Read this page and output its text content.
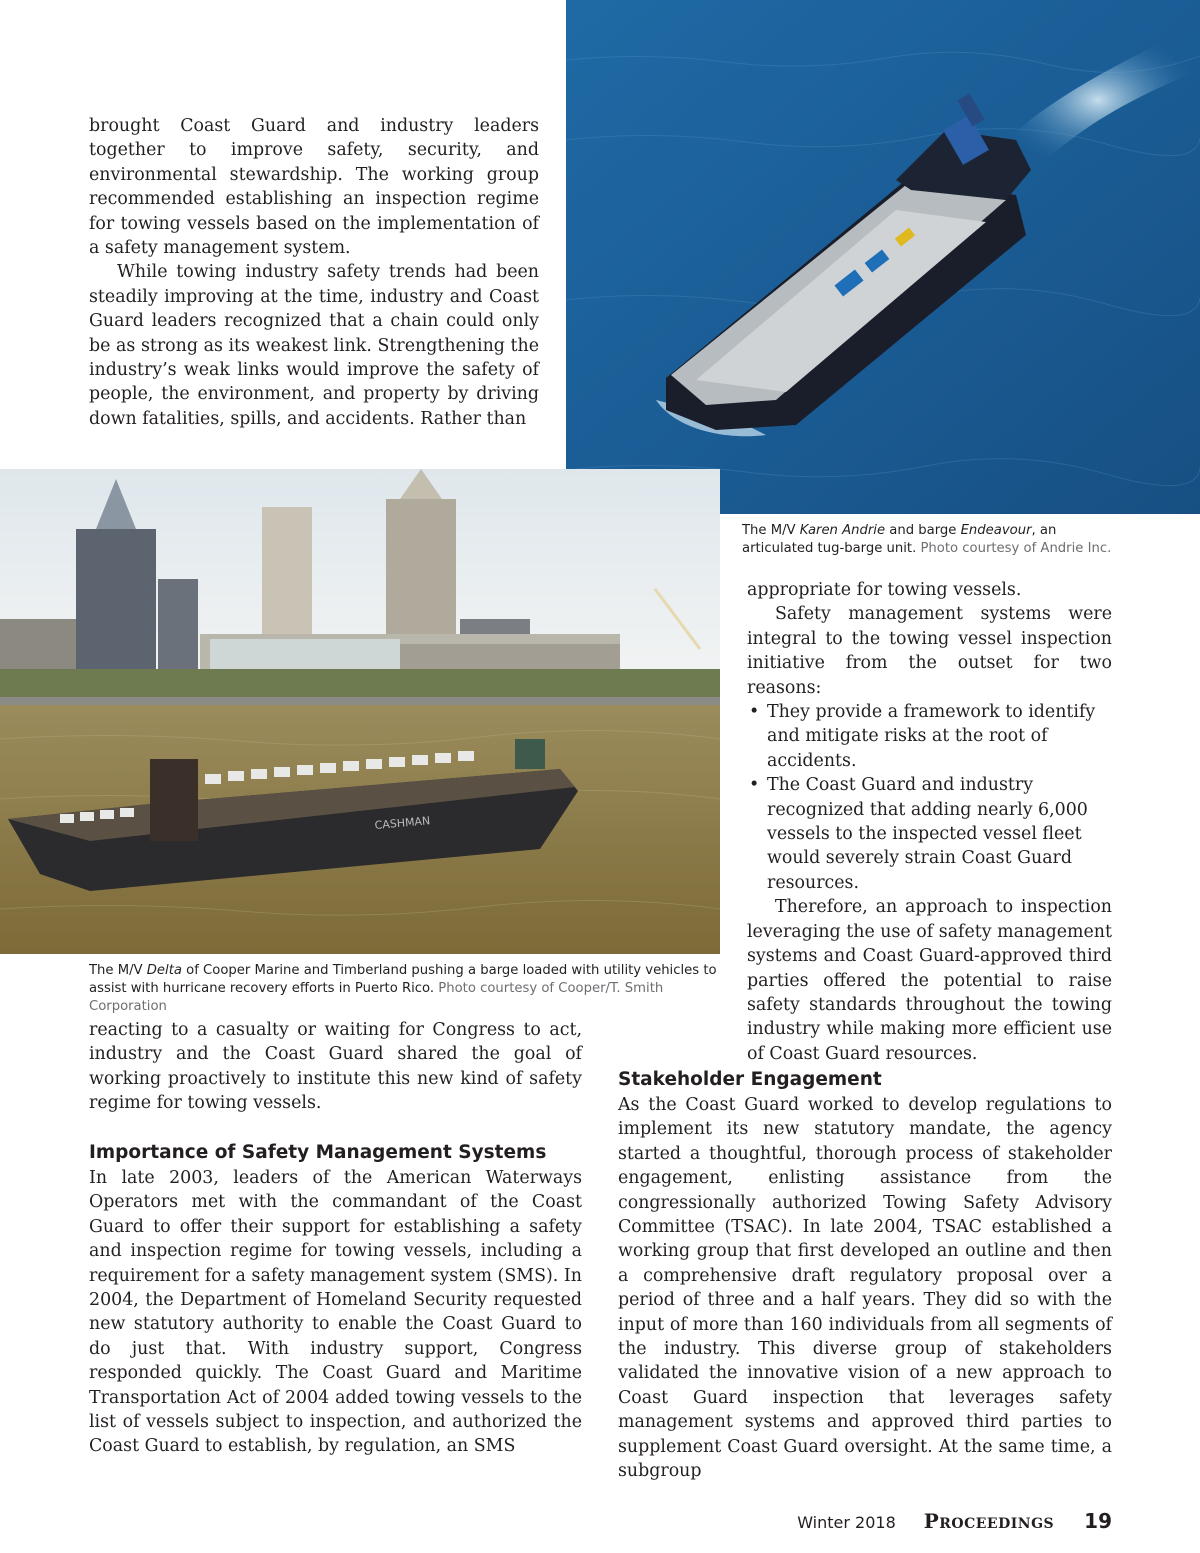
brought Coast Guard and industry leaders together to improve safety, security, and environmental stewardship. The working group recommended establishing an inspection regime for towing vessels based on the implementation of a safety management system.

While towing industry safety trends had been steadily improving at the time, industry and Coast Guard leaders recognized that a chain could only be as strong as its weakest link. Strengthening the industry’s weak links would improve the safety of people, the environment, and property by driving down fatalities, spills, and accidents. Rather than

CASHMAN
The M/V Karen Andrie and barge Endeavour, an articulated tug-barge unit. Photo courtesy of Andrie Inc.

appropriate for towing vessels.

Safety management systems were integral to the towing vessel inspection initiative from the outset for two reasons:

• They provide a framework to identify and mitigate risks at the root of accidents.
• The Coast Guard and industry recognized that adding nearly 6,000 vessels to the inspected vessel fleet would severely strain Coast Guard resources.

Therefore, an approach to inspection leveraging the use of safety management systems and Coast Guard-approved third parties offered the potential to raise safety standards throughout the towing industry while making more efficient use of Coast Guard resources.

The M/V Delta of Cooper Marine and Timberland pushing a barge loaded with utility vehicles to assist with hurricane recovery efforts in Puerto Rico. Photo courtesy of Cooper/T. Smith Corporation

reacting to a casualty or waiting for Congress to act, industry and the Coast Guard shared the goal of working proactively to institute this new kind of safety regime for towing vessels.

Importance of Safety Management Systems

In late 2003, leaders of the American Waterways Operators met with the commandant of the Coast Guard to offer their support for establishing a safety and inspection regime for towing vessels, including a requirement for a safety management system (SMS). In 2004, the Department of Homeland Security requested new statutory authority to enable the Coast Guard to do just that. With industry support, Congress responded quickly. The Coast Guard and Maritime Transportation Act of 2004 added towing vessels to the list of vessels subject to inspection, and authorized the Coast Guard to establish, by regulation, an SMS

Stakeholder Engagement

As the Coast Guard worked to develop regulations to implement its new statutory mandate, the agency started a thoughtful, thorough process of stakeholder engagement, enlisting assistance from the congressionally authorized Towing Safety Advisory Committee (TSAC). In late 2004, TSAC established a working group that first developed an outline and then a comprehensive draft regulatory proposal over a period of three and a half years. They did so with the input of more than 160 individuals from all segments of the industry. This diverse group of stakeholders validated the innovative vision of a new approach to Coast Guard inspection that leverages safety management systems and approved third parties to supplement Coast Guard oversight. At the same time, a subgroup

Winter 2018 Proceedings 19
